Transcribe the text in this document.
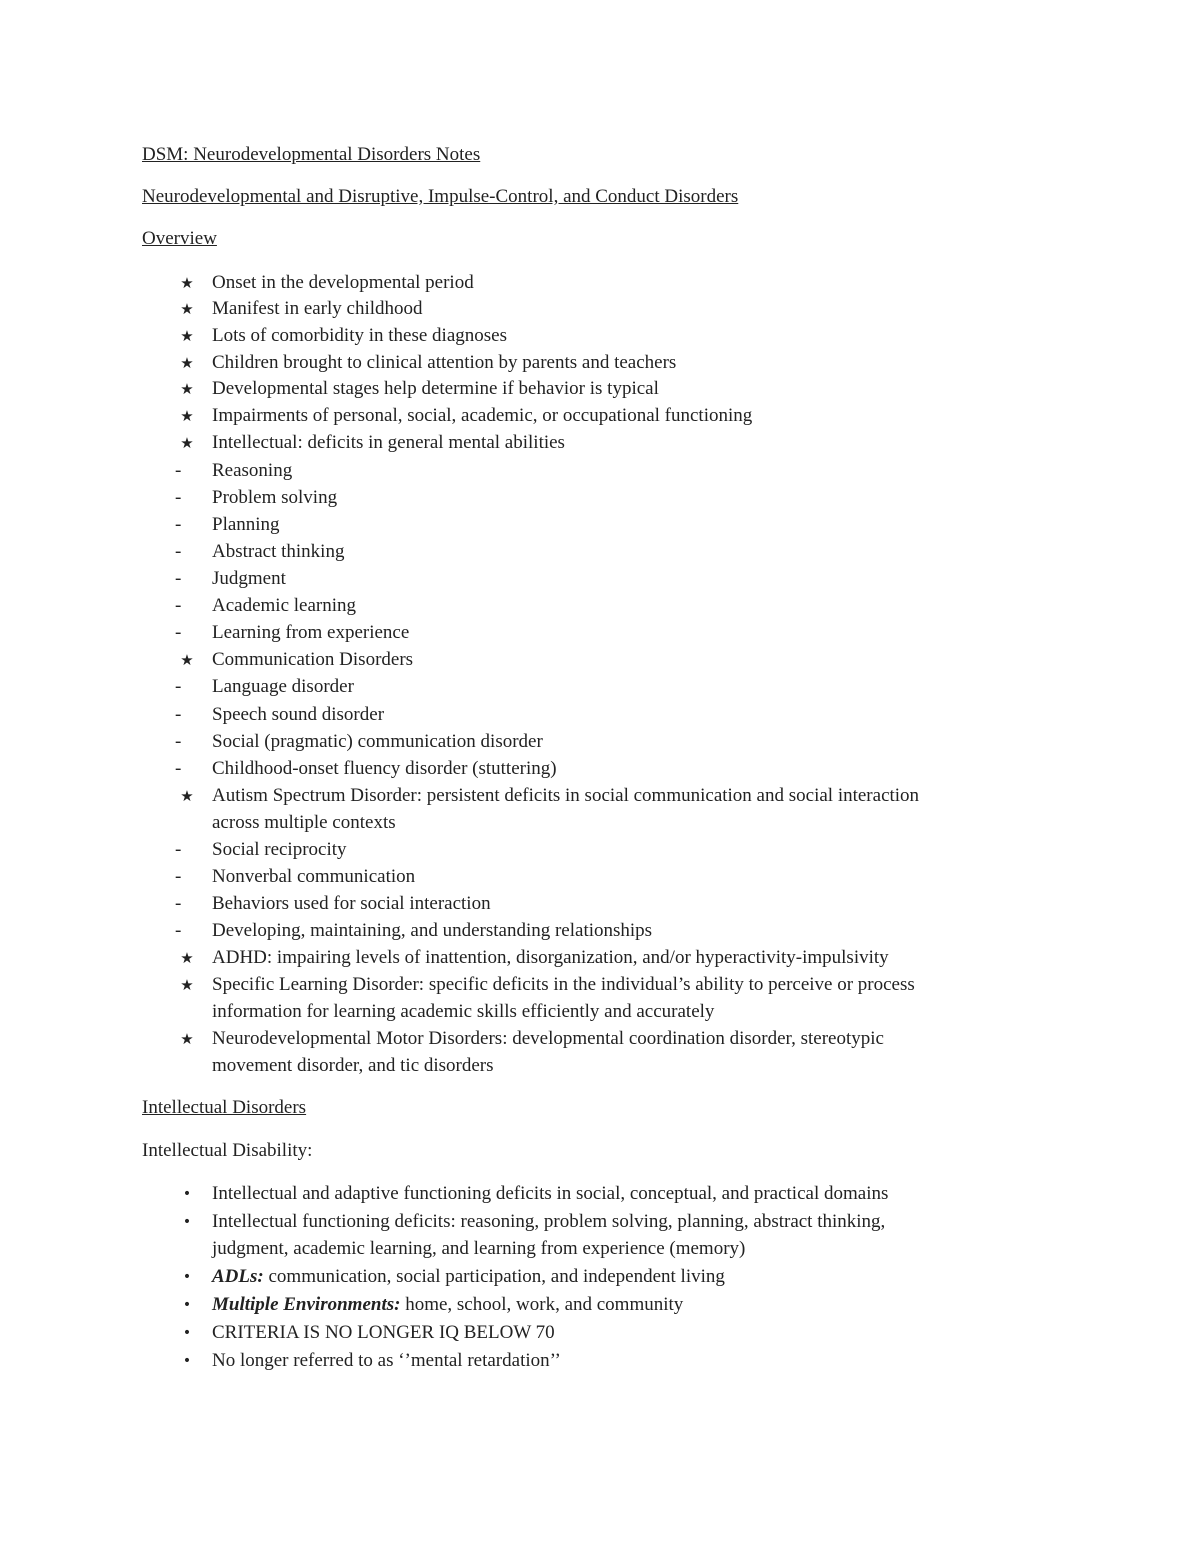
DSM: Neurodevelopmental Disorders Notes
Neurodevelopmental and Disruptive, Impulse-Control, and Conduct Disorders
Overview
★ Onset in the developmental period
★ Manifest in early childhood
★ Lots of comorbidity in these diagnoses
★ Children brought to clinical attention by parents and teachers
★ Developmental stages help determine if behavior is typical
★ Impairments of personal, social, academic, or occupational functioning
★ Intellectual: deficits in general mental abilities
-	Reasoning
-	Problem solving
-	Planning
-	Abstract thinking
-	Judgment
-	Academic learning
-	Learning from experience
★ Communication Disorders
-	Language disorder
-	Speech sound disorder
-	Social (pragmatic) communication disorder
-	Childhood-onset fluency disorder (stuttering)
★ Autism Spectrum Disorder: persistent deficits in social communication and social interaction
across multiple contexts
-	Social reciprocity
-	Nonverbal communication
-	Behaviors used for social interaction
-	Developing, maintaining, and understanding relationships
★ ADHD: impairing levels of inattention, disorganization, and/or hyperactivity-impulsivity
★ Specific Learning Disorder: specific deficits in the individual’s ability to perceive or process
information for learning academic skills efficiently and accurately
★ Neurodevelopmental Motor Disorders: developmental coordination disorder, stereotypic
movement disorder, and tic disorders
Intellectual Disorders
Intellectual Disability:
•	Intellectual and adaptive functioning deficits in social, conceptual, and practical domains
•	Intellectual functioning deficits: reasoning, problem solving, planning, abstract thinking,
judgment, academic learning, and learning from experience (memory)
•	ADLs: communication, social participation, and independent living
•	Multiple Environments: home, school, work, and community
•	CRITERIA IS NO LONGER IQ BELOW 70
•	No longer referred to as ‘’mental retardation’’
